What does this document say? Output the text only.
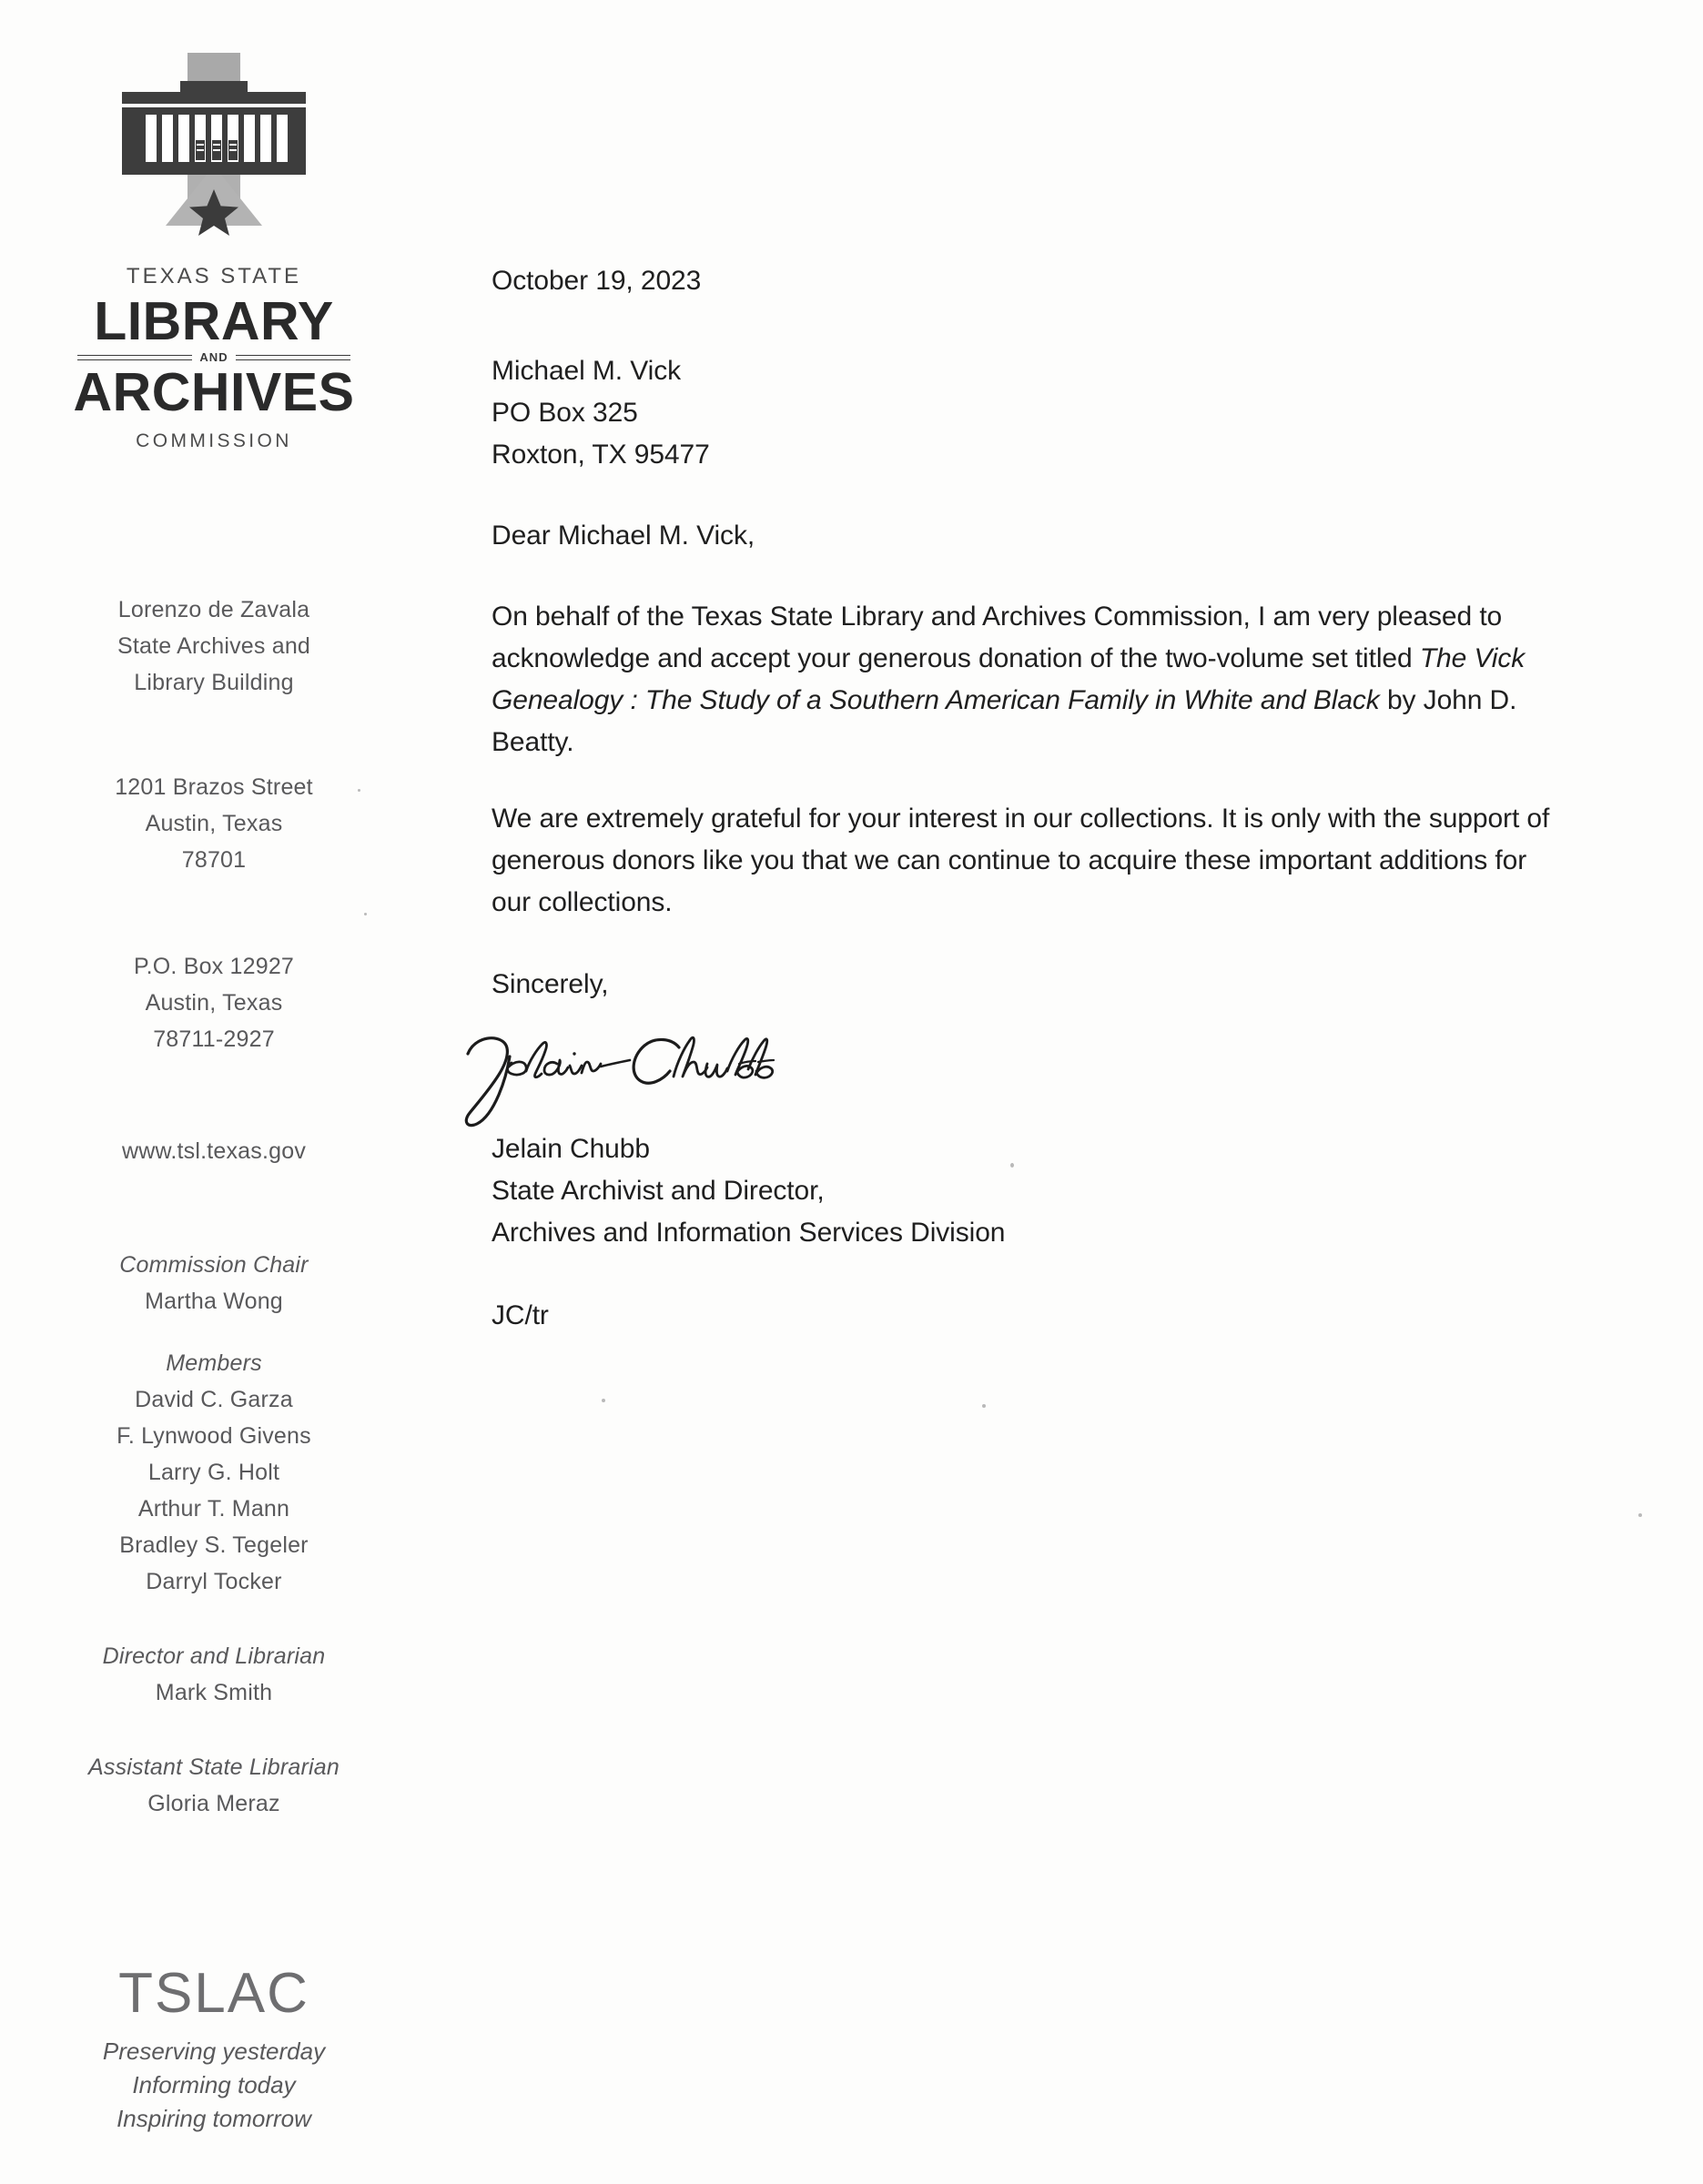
TEXAS STATE
LIBRARY
AND
ARCHIVES
COMMISSION
Lorenzo de Zavala
State Archives and
Library Building
1201 Brazos Street
Austin, Texas
78701
P.O. Box 12927
Austin, Texas
78711-2927
www.tsl.texas.gov
Commission Chair
Martha Wong
Members
David C. Garza
F. Lynwood Givens
Larry G. Holt
Arthur T. Mann
Bradley S. Tegeler
Darryl Tocker
Director and Librarian
Mark Smith
Assistant State Librarian
Gloria Meraz
TSLAC
Preserving yesterday
Informing today
Inspiring tomorrow
October 19, 2023
Michael M. Vick
PO Box 325
Roxton, TX 95477
Dear Michael M. Vick,
On behalf of the Texas State Library and Archives Commission, I am very pleased to acknowledge and accept your generous donation of the two-volume set titled The Vick Genealogy : The Study of a Southern American Family in White and Black by John D. Beatty.
We are extremely grateful for your interest in our collections. It is only with the support of generous donors like you that we can continue to acquire these important additions for our collections.
Sincerely,
Jelain Chubb
State Archivist and Director,
Archives and Information Services Division
JC/tr
